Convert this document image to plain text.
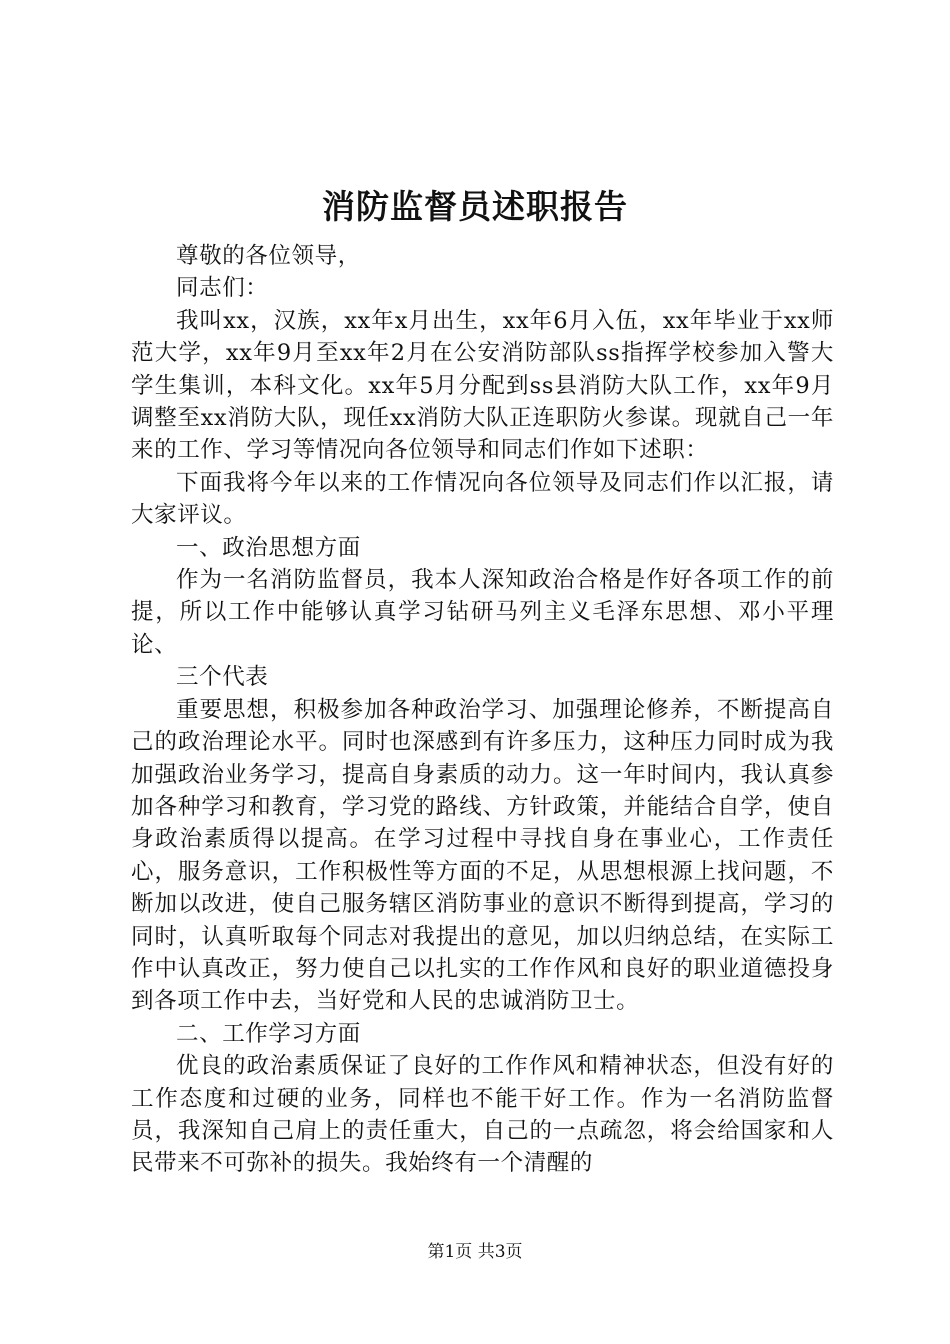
消防监督员述职报告

尊敬的各位领导，

同志们：

我叫xx，汉族，xx年x月出生，xx年6月入伍，xx年毕业于xx师范大学，xx年9月至xx年2月在公安消防部队ss指挥学校参加入警大学生集训，本科文化。xx年5月分配到ss县消防大队工作，xx年9月调整至xx消防大队，现任xx消防大队正连职防火参谋。现就自己一年来的工作、学习等情况向各位领导和同志们作如下述职：

下面我将今年以来的工作情况向各位领导及同志们作以汇报，请大家评议。

一、政治思想方面

作为一名消防监督员，我本人深知政治合格是作好各项工作的前提，所以工作中能够认真学习钻研马列主义毛泽东思想、邓小平理论、

三个代表

重要思想，积极参加各种政治学习、加强理论修养，不断提高自己的政治理论水平。同时也深感到有许多压力，这种压力同时成为我加强政治业务学习，提高自身素质的动力。这一年时间内，我认真参加各种学习和教育，学习党的路线、方针政策，并能结合自学，使自身政治素质得以提高。在学习过程中寻找自身在事业心，工作责任心，服务意识，工作积极性等方面的不足，从思想根源上找问题，不断加以改进，使自己服务辖区消防事业的意识不断得到提高，学习的同时，认真听取每个同志对我提出的意见，加以归纳总结，在实际工作中认真改正，努力使自己以扎实的工作作风和良好的职业道德投身到各项工作中去，当好党和人民的忠诚消防卫士。

二、工作学习方面

优良的政治素质保证了良好的工作作风和精神状态，但没有好的工作态度和过硬的业务，同样也不能干好工作。作为一名消防监督员，我深知自己肩上的责任重大，自己的一点疏忽，将会给国家和人民带来不可弥补的损失。我始终有一个清醒的

第1页 共3页
